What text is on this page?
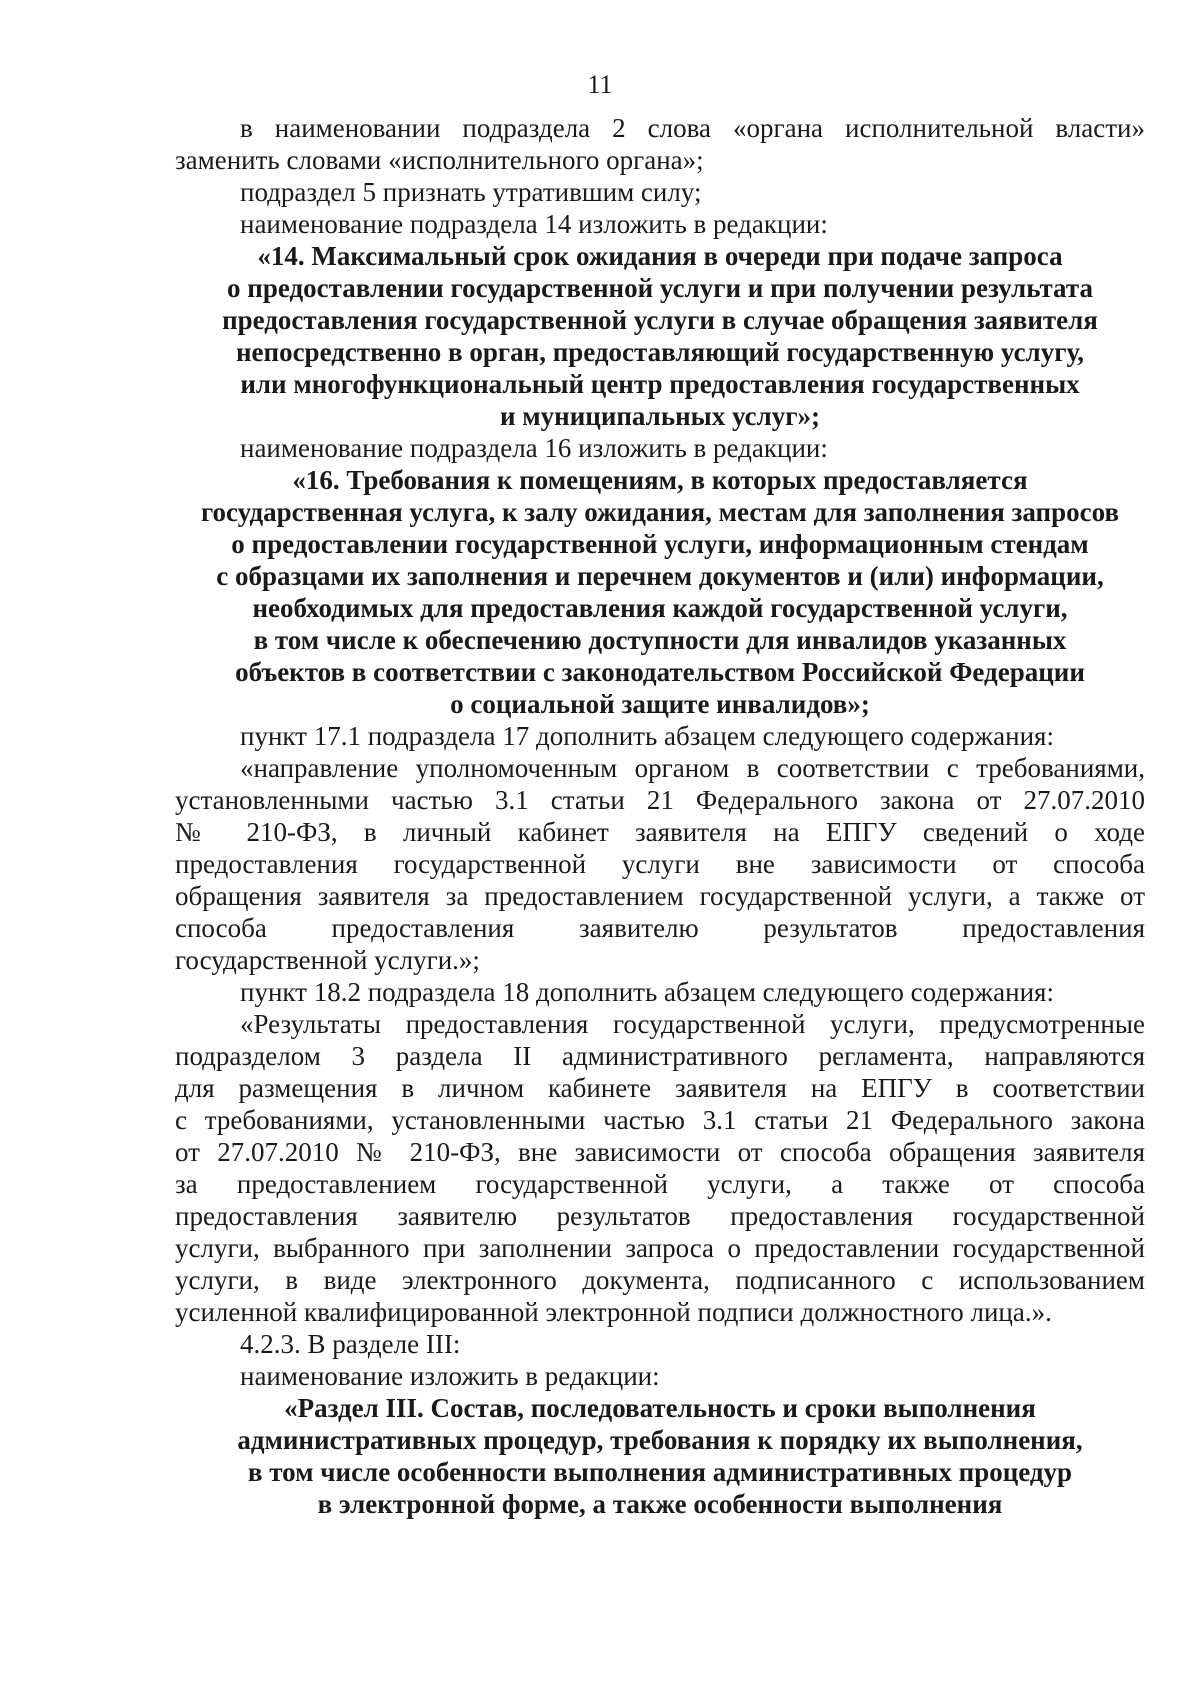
11
в наименовании подраздела 2 слова «органа исполнительной власти»
заменить словами «исполнительного органа»;
подраздел 5 признать утратившим силу;
наименование подраздела 14 изложить в редакции:
«14. Максимальный срок ожидания в очереди при подаче запроса
о предоставлении государственной услуги и при получении результата
предоставления государственной услуги в случае обращения заявителя
непосредственно в орган, предоставляющий государственную услугу,
или многофункциональный центр предоставления государственных
и муниципальных услуг»;
наименование подраздела 16 изложить в редакции:
«16. Требования к помещениям, в которых предоставляется
государственная услуга, к залу ожидания, местам для заполнения запросов
о предоставлении государственной услуги, информационным стендам
с образцами их заполнения и перечнем документов и (или) информации,
необходимых для предоставления каждой государственной услуги,
в том числе к обеспечению доступности для инвалидов указанных
объектов в соответствии с законодательством Российской Федерации
о социальной защите инвалидов»;
пункт 17.1 подраздела 17 дополнить абзацем следующего содержания:
«направление уполномоченным органом в соответствии с требованиями,
установленными частью 3.1 статьи 21 Федерального закона от 27.07.2010
№ 210-ФЗ, в личный кабинет заявителя на ЕПГУ сведений о ходе
предоставления государственной услуги вне зависимости от способа
обращения заявителя за предоставлением государственной услуги, а также от
способа предоставления заявителю результатов предоставления
государственной услуги.»;
пункт 18.2 подраздела 18 дополнить абзацем следующего содержания:
«Результаты предоставления государственной услуги, предусмотренные
подразделом 3 раздела II административного регламента, направляются
для размещения в личном кабинете заявителя на ЕПГУ в соответствии
с требованиями, установленными частью 3.1 статьи 21 Федерального закона
от 27.07.2010 № 210-ФЗ, вне зависимости от способа обращения заявителя
за предоставлением государственной услуги, а также от способа
предоставления заявителю результатов предоставления государственной
услуги, выбранного при заполнении запроса о предоставлении государственной
услуги, в виде электронного документа, подписанного с использованием
усиленной квалифицированной электронной подписи должностного лица.».
4.2.3. В разделе III:
наименование изложить в редакции:
«Раздел III. Состав, последовательность и сроки выполнения
административных процедур, требования к порядку их выполнения,
в том числе особенности выполнения административных процедур
в электронной форме, а также особенности выполнения
